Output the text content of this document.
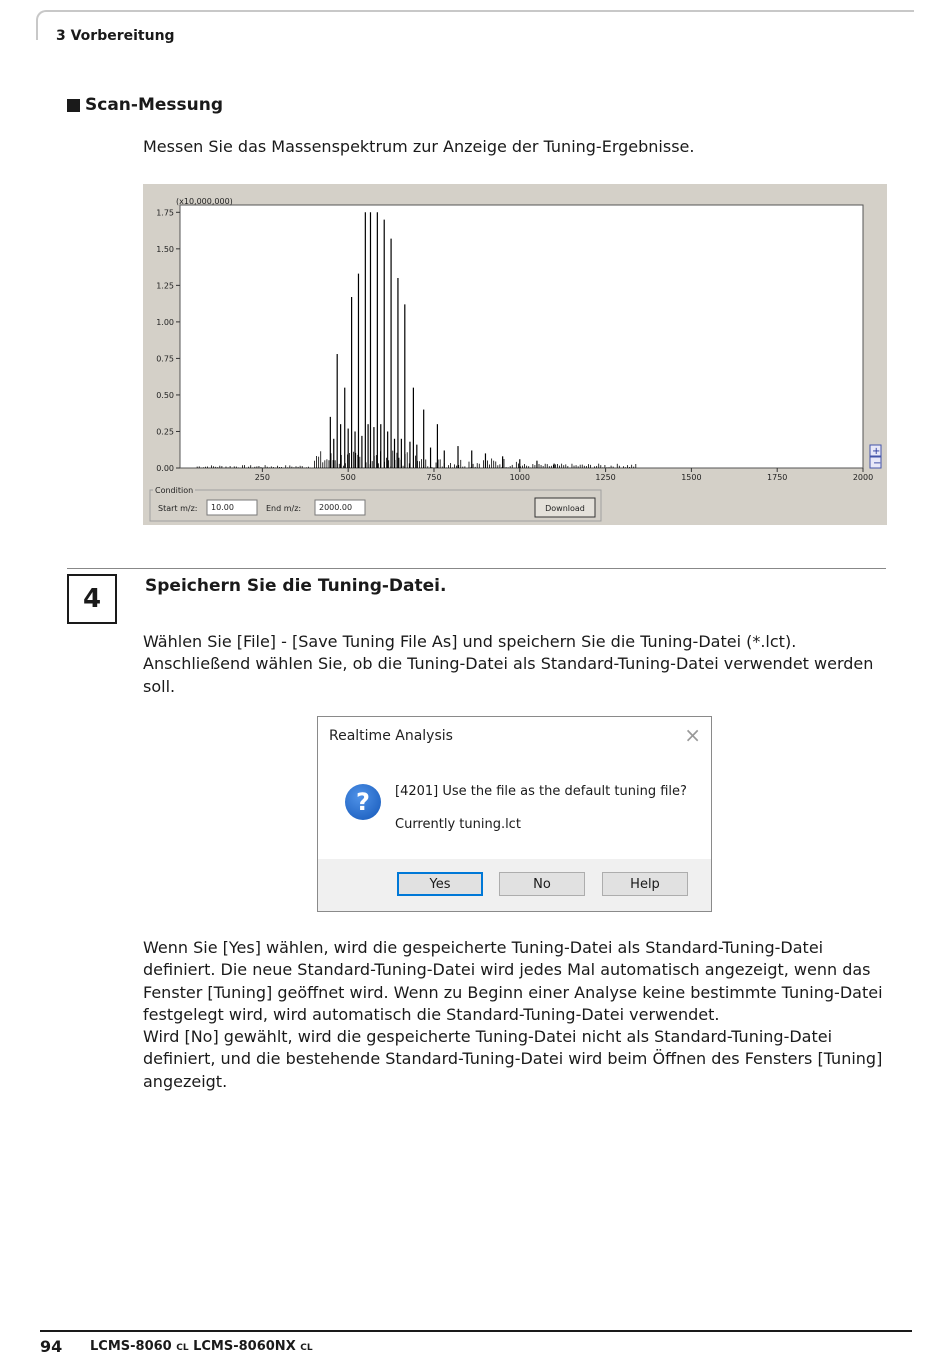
3 Vorbereitung
Scan-Messung
Messen Sie das Massenspektrum zur Anzeige der Tuning-Ergebnisse.
(x10,000,000)
0.00
0.25
0.50
0.75
1.00
1.25
1.50
1.75
250	500	750	1000	1250	1500	1750	2000
+
−
Condition
Start m/z: 10.00	End m/z: 2000.00	Download
4	Speichern Sie die Tuning-Datei.
Wählen Sie [File] - [Save Tuning File As] und speichern Sie die Tuning-Datei (*.lct). Anschließend wählen Sie, ob die Tuning-Datei als Standard-Tuning-Datei verwendet werden soll.
Realtime Analysis	×
?	[4201] Use the file as the default tuning file?
Currently tuning.lct
Yes	No	Help
Wenn Sie [Yes] wählen, wird die gespeicherte Tuning-Datei als Standard-Tuning-Datei definiert. Die neue Standard-Tuning-Datei wird jedes Mal automatisch angezeigt, wenn das Fenster [Tuning] geöffnet wird. Wenn zu Beginn einer Analyse keine bestimmte Tuning-Datei festgelegt wird, wird automatisch die Standard-Tuning-Datei verwendet.
Wird [No] gewählt, wird die gespeicherte Tuning-Datei nicht als Standard-Tuning-Datei definiert, und die bestehende Standard-Tuning-Datei wird beim Öffnen des Fensters [Tuning] angezeigt.
94 LCMS-8060 CL LCMS-8060NX CL
